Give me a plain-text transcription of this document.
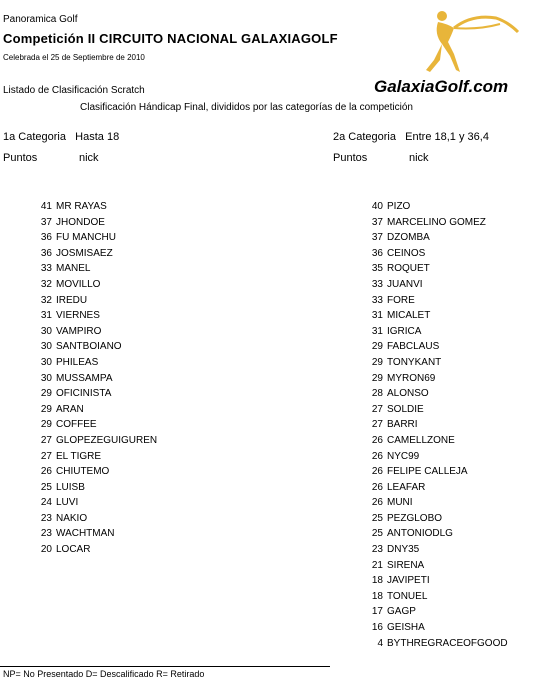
Panoramica Golf
Competición II CIRCUITO NACIONAL GALAXIAGOLF
Celebrada el 25 de Septiembre de 2010
Listado de Clasificación Scratch
Clasificación Hándicap Final, divididos por las categorías de la competición
GalaxiaGolf.com
1a Categoria Hasta 18	2a Categoria Entre 18,1 y 36,4
Puntos	nick	Puntos	nick
41 MR RAYAS
37 JHONDOE
36 FU MANCHU
36 JOSMISAEZ
33 MANEL
32 MOVILLO
32 IREDU
31 VIERNES
30 VAMPIRO
30 SANTBOIANO
30 PHILEAS
30 MUSSAMPA
29 OFICINISTA
29 ARAN
29 COFFEE
27 GLOPEZEGUIGUREN
27 EL TIGRE
26 CHIUTEMO
25 LUISB
24 LUVI
23 NAKIO
23 WACHTMAN
20 LOCAR
40 PIZO
37 MARCELINO GOMEZ
37 DZOMBA
36 CEINOS
35 ROQUET
33 JUANVI
33 FORE
31 MICALET
31 IGRICA
29 FABCLAUS
29 TONYKANT
29 MYRON69
28 ALONSO
27 SOLDIE
27 BARRI
26 CAMELLZONE
26 NYC99
26 FELIPE CALLEJA
26 LEAFAR
26 MUNI
25 PEZGLOBO
25 ANTONIODLG
23 DNY35
21 SIRENA
18 JAVIPETI
18 TONUEL
17 GAGP
16 GEISHA
4 BYTHREGRACEOFGOOD
NP= No Presentado D= Descalificado R= Retirado
